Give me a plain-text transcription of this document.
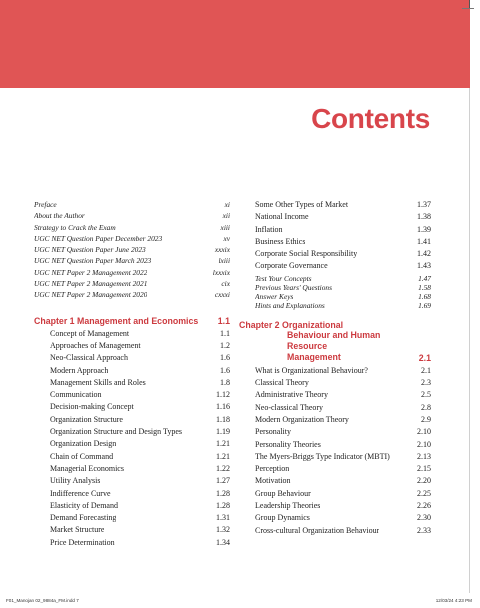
Contents
Preface	xi
About the Author	xii
Strategy to Crack the Exam	xiii
UGC NET Question Paper December 2023	xv
UGC NET Question Paper June 2023	xxxix
UGC NET Question Paper March 2023	lxiii
UGC NET Paper 2 Management 2022	lxxxix
UGC NET Paper 2 Management 2021	cix
UGC NET Paper 2 Management 2020	cxxxi
Chapter 1 Management and Economics 1.1
Concept of Management	1.1
Approaches of Management	1.2
Neo-Classical Approach	1.6
Modern Approach	1.6
Management Skills and Roles	1.8
Communication	1.12
Decision-making Concept	1.16
Organization Structure	1.18
Organization Structure and Design Types	1.19
Organization Design	1.21
Chain of Command	1.21
Managerial Economics	1.22
Utility Analysis	1.27
Indifference Curve	1.28
Elasticity of Demand	1.28
Demand Forecasting	1.31
Market Structure	1.32
Price Determination	1.34
Some Other Types of Market	1.37
National Income	1.38
Inflation	1.39
Business Ethics	1.41
Corporate Social Responsibility	1.42
Corporate Governance	1.43
Test Your Concepts	1.47
Previous Years' Questions	1.58
Answer Keys	1.68
Hints and Explanations	1.69
Chapter 2 Organizational
Behaviour and Human Resource
Management	2.1
What is Organizational Behaviour?	2.1
Classical Theory	2.3
Administrative Theory	2.5
Neo-classical Theory	2.8
Modern Organization Theory	2.9
Personality	2.10
Personality Theories	2.10
The Myers-Briggs Type Indicator (MBTI)	2.13
Perception	2.15
Motivation	2.20
Group Behaviour	2.25
Leadership Theories	2.26
Group Dynamics	2.30
Cross-cultural Organization Behaviour	2.33
F01_Manojan 02_9884a_FM.indd 7	12/03/24 4:23 PM
